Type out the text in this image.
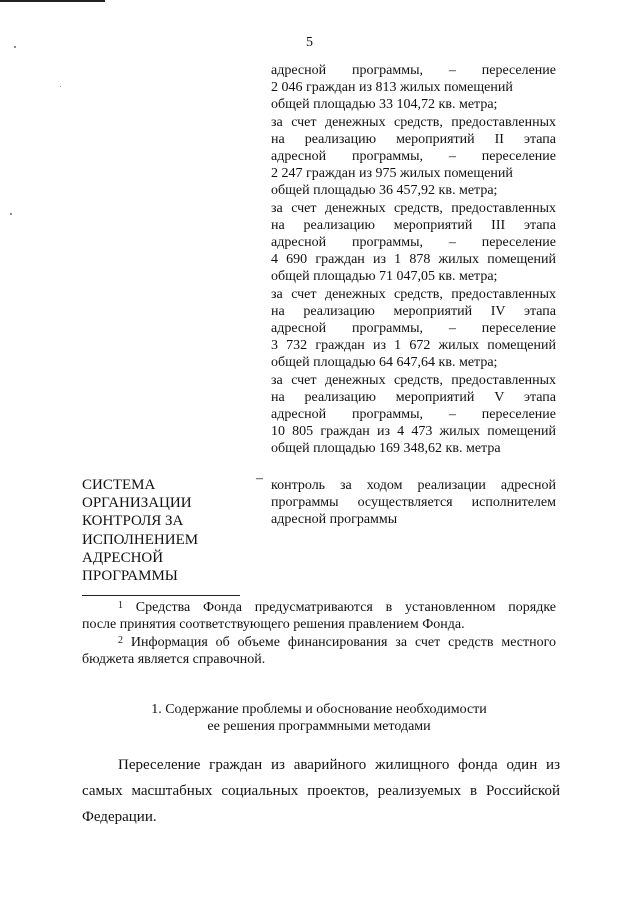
5
адресной программы, – переселение
2 046 граждан из 813 жилых помещений
общей площадью 33 104,72 кв. метра;
за счет денежных средств, предоставленных
на реализацию мероприятий II этапа
адресной программы, – переселение
2 247 граждан из 975 жилых помещений
общей площадью 36 457,92 кв. метра;
за счет денежных средств, предоставленных
на реализацию мероприятий III этапа
адресной программы, – переселение
4 690 граждан из 1 878 жилых помещений
общей площадью 71 047,05 кв. метра;
за счет денежных средств, предоставленных
на реализацию мероприятий IV этапа
адресной программы, – переселение
3 732 граждан из 1 672 жилых помещений
общей площадью 64 647,64 кв. метра;
за счет денежных средств, предоставленных
на реализацию мероприятий V этапа
адресной программы, – переселение
10 805 граждан из 4 473 жилых помещений
общей площадью 169 348,62 кв. метра
СИСТЕМА
ОРГАНИЗАЦИИ
КОНТРОЛЯ ЗА
ИСПОЛНЕНИЕМ
АДРЕСНОЙ
ПРОГРАММЫ
– контроль за ходом реализации адресной
программы осуществляется исполнителем
адресной программы
$^1$ Средства Фонда предусматриваются в установленном порядке
после принятия соответствующего решения правлением Фонда.
$^2$ Информация об объеме финансирования за счет средств местного
бюджета является справочной.
1. Содержание проблемы и обоснование необходимости
ее решения программными методами
Переселение граждан из аварийного жилищного фонда один из
самых масштабных социальных проектов, реализуемых в Российской
Федерации.
